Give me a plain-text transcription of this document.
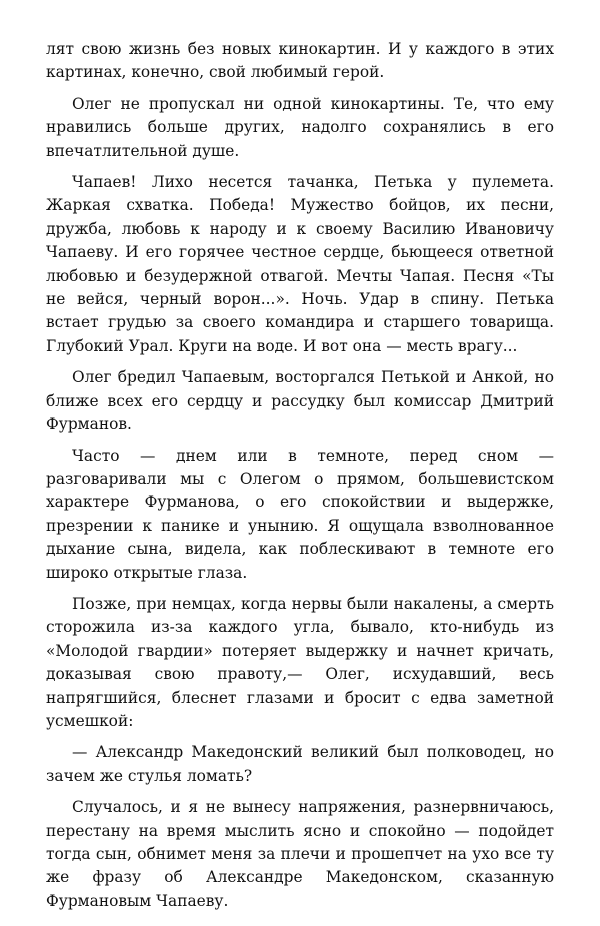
лят свою жизнь без новых кинокартин. И у каждого в этих картинах, конечно, свой любимый герой.

Олег не пропускал ни одной кинокартины. Те, что ему нравились больше других, надолго сохранялись в его впечатлительной душе.

Чапаев! Лихо несется тачанка, Петька у пулемета. Жаркая схватка. Победа! Мужество бойцов, их песни, дружба, любовь к народу и к своему Василию Ивановичу Чапаеву. И его горячее честное сердце, бьющееся ответной любовью и безудержной отвагой. Мечты Чапая. Песня «Ты не вейся, черный ворон...». Ночь. Удар в спину. Петька встает грудью за своего командира и старшего товарища. Глубокий Урал. Круги на воде. И вот она — месть врагу...

Олег бредил Чапаевым, восторгался Петькой и Анкой, но ближе всех его сердцу и рассудку был комиссар Дмитрий Фурманов.

Часто — днем или в темноте, перед сном — разговаривали мы с Олегом о прямом, большевистском характере Фурманова, о его спокойствии и выдержке, презрении к панике и унынию. Я ощущала взволнованное дыхание сына, видела, как поблескивают в темноте его широко открытые глаза.

Позже, при немцах, когда нервы были накалены, а смерть сторожила из-за каждого угла, бывало, кто-нибудь из «Молодой гвардии» потеряет выдержку и начнет кричать, доказывая свою правоту,— Олег, исхудавший, весь напрягшийся, блеснет глазами и бросит с едва заметной усмешкой:

— Александр Македонский великий был полководец, но зачем же стулья ломать?

Случалось, и я не вынесу напряжения, разнервничаюсь, перестану на время мыслить ясно и спокойно — подойдет тогда сын, обнимет меня за плечи и прошепчет на ухо все ту же фразу об Александре Македонском, сказанную Фурмановым Чапаеву.
